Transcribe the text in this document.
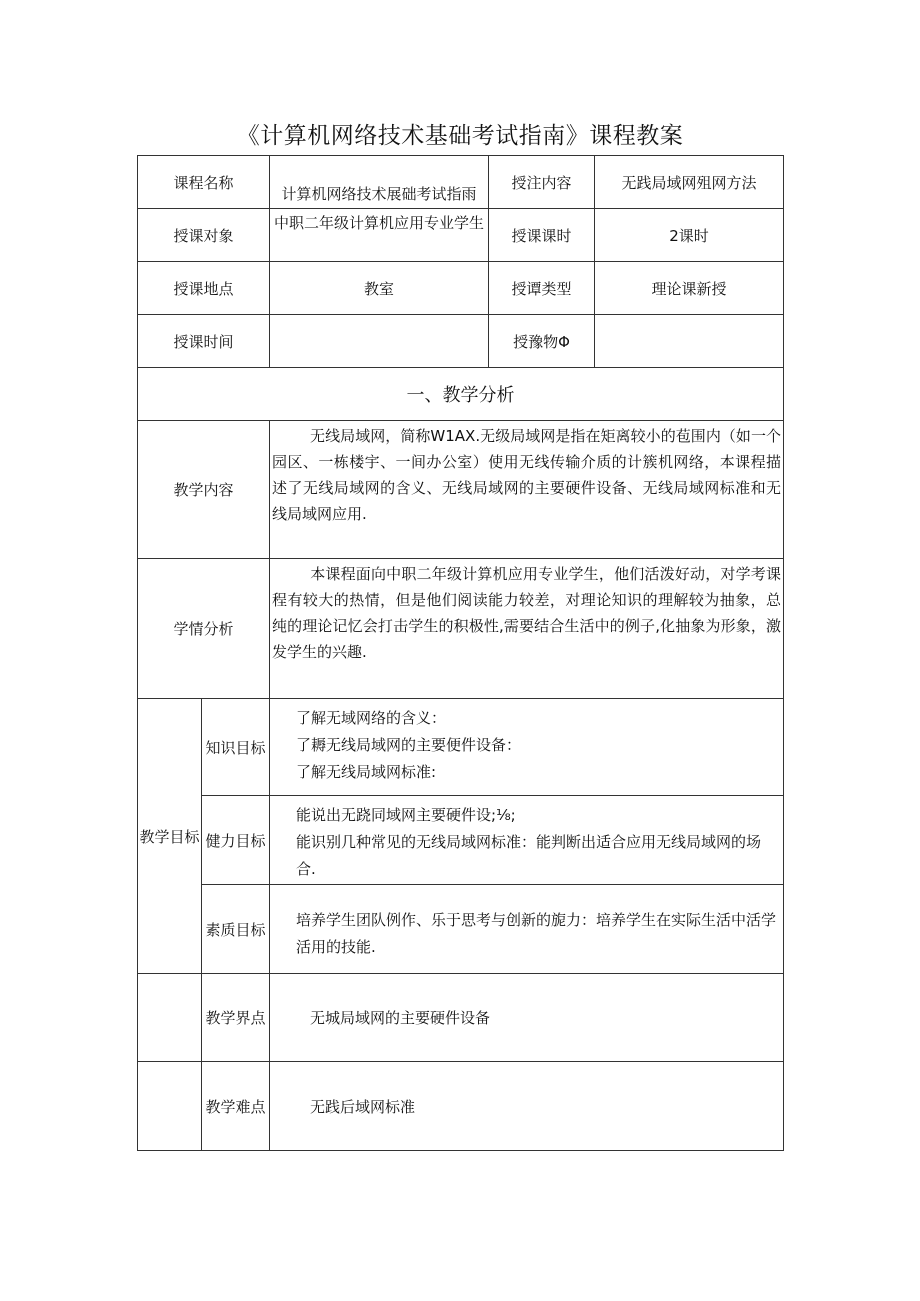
《计算机网络技术基础考试指南》课程教案
课程名称		计算机网络技术展础考试指雨	授注内容	无践局域网殂网方法
授课对象		中职二年级计算机应用专业学生	授课课时	2课时
授课地点		教室	授谭类型	理论课新授
授课时间			授豫物Φ	
一、教学分析				
教学内容		无线局域网，简称W1AX.无级局域网是指在矩离较小的苞围内（如一个园区、一栋楼宇、一间办公室）使用无线传输介质的计簇机网络，本课程描述了无线局域网的含义、无线局域网的主要硬件设备、无线局域网标准和无线局域网应用.		
学情分析		本课程面向中职二年级计算机应用专业学生，他们活泼好动，对学考课程有较大的热情，但是他们阅读能力较差，对理论知识的理解较为抽象，总纯的理论记忆会打击学生的积极性,需要结合生活中的例子,化抽象为形象，激发学生的兴趣.		
教学目标	知识目标	了解无域网络的含义：
了耨无线局域网的主要便件设备：
了解无线局域网标准:		

	健力目标	能说出无跷同域网主要硬件设;⅛;
能识别几种常见的无线局域网标准：能判断出适合应用无线局域网的场合.		

	素质目标	培养学生团队例作、乐于思考与创新的旎力：培养学生在实际生活中活学活用的技能.		
	教学界点	无城局域网的主要硬件设备		
	教学难点	无践后域网标准		
